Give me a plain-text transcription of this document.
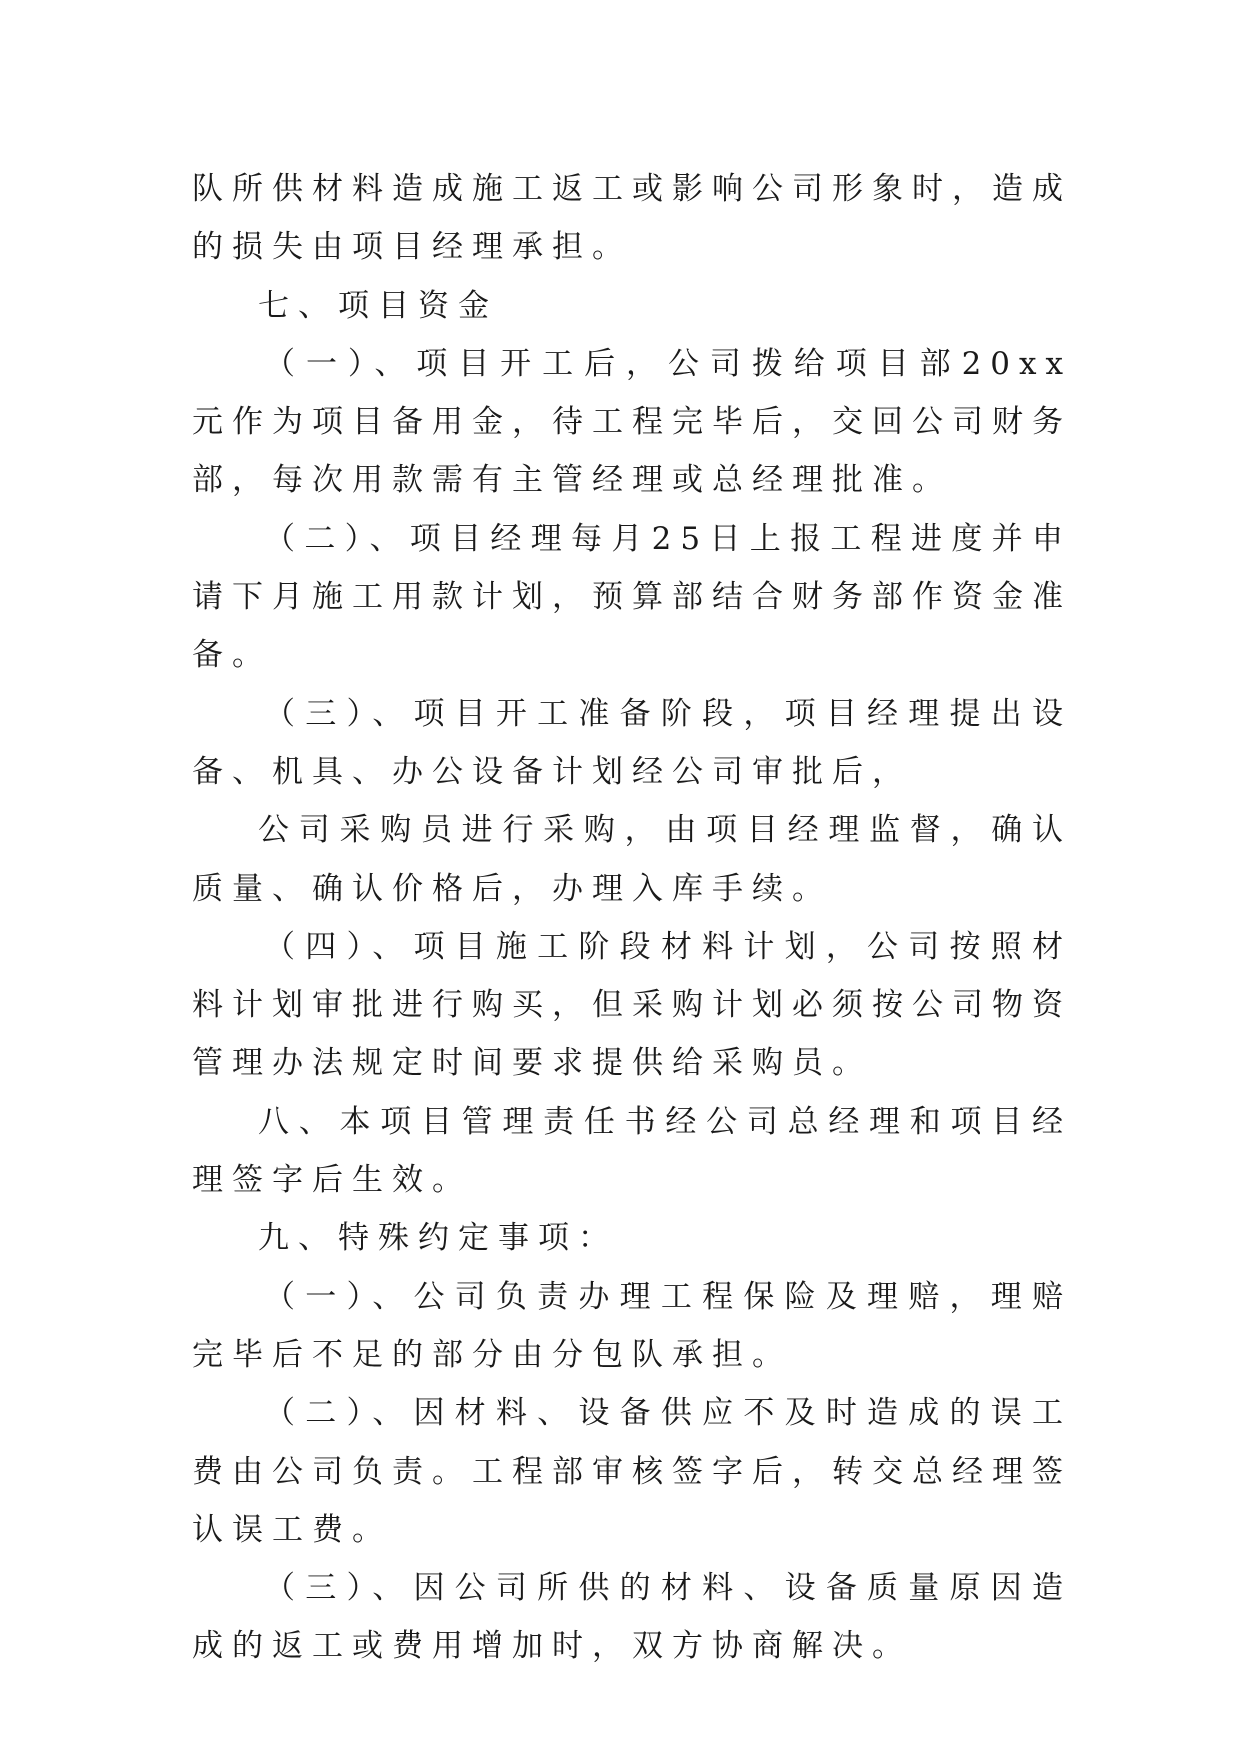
队所供材料造成施工返工或影响公司形象时，造成的损失由项目经理承担。

七、项目资金

（一）、项目开工后，公司拨给项目部20xx元作为项目备用金，待工程完毕后，交回公司财务部，每次用款需有主管经理或总经理批准。

（二）、项目经理每月25日上报工程进度并申请下月施工用款计划，预算部结合财务部作资金准备。

（三）、项目开工准备阶段，项目经理提出设备、机具、办公设备计划经公司审批后，

公司采购员进行采购，由项目经理监督，确认质量、确认价格后，办理入库手续。

（四）、项目施工阶段材料计划，公司按照材料计划审批进行购买，但采购计划必须按公司物资管理办法规定时间要求提供给采购员。

八、本项目管理责任书经公司总经理和项目经理签字后生效。

九、特殊约定事项：

（一）、公司负责办理工程保险及理赔，理赔完毕后不足的部分由分包队承担。

（二）、因材料、设备供应不及时造成的误工费由公司负责。工程部审核签字后，转交总经理签认误工费。

（三）、因公司所供的材料、设备质量原因造成的返工或费用增加时，双方协商解决。
